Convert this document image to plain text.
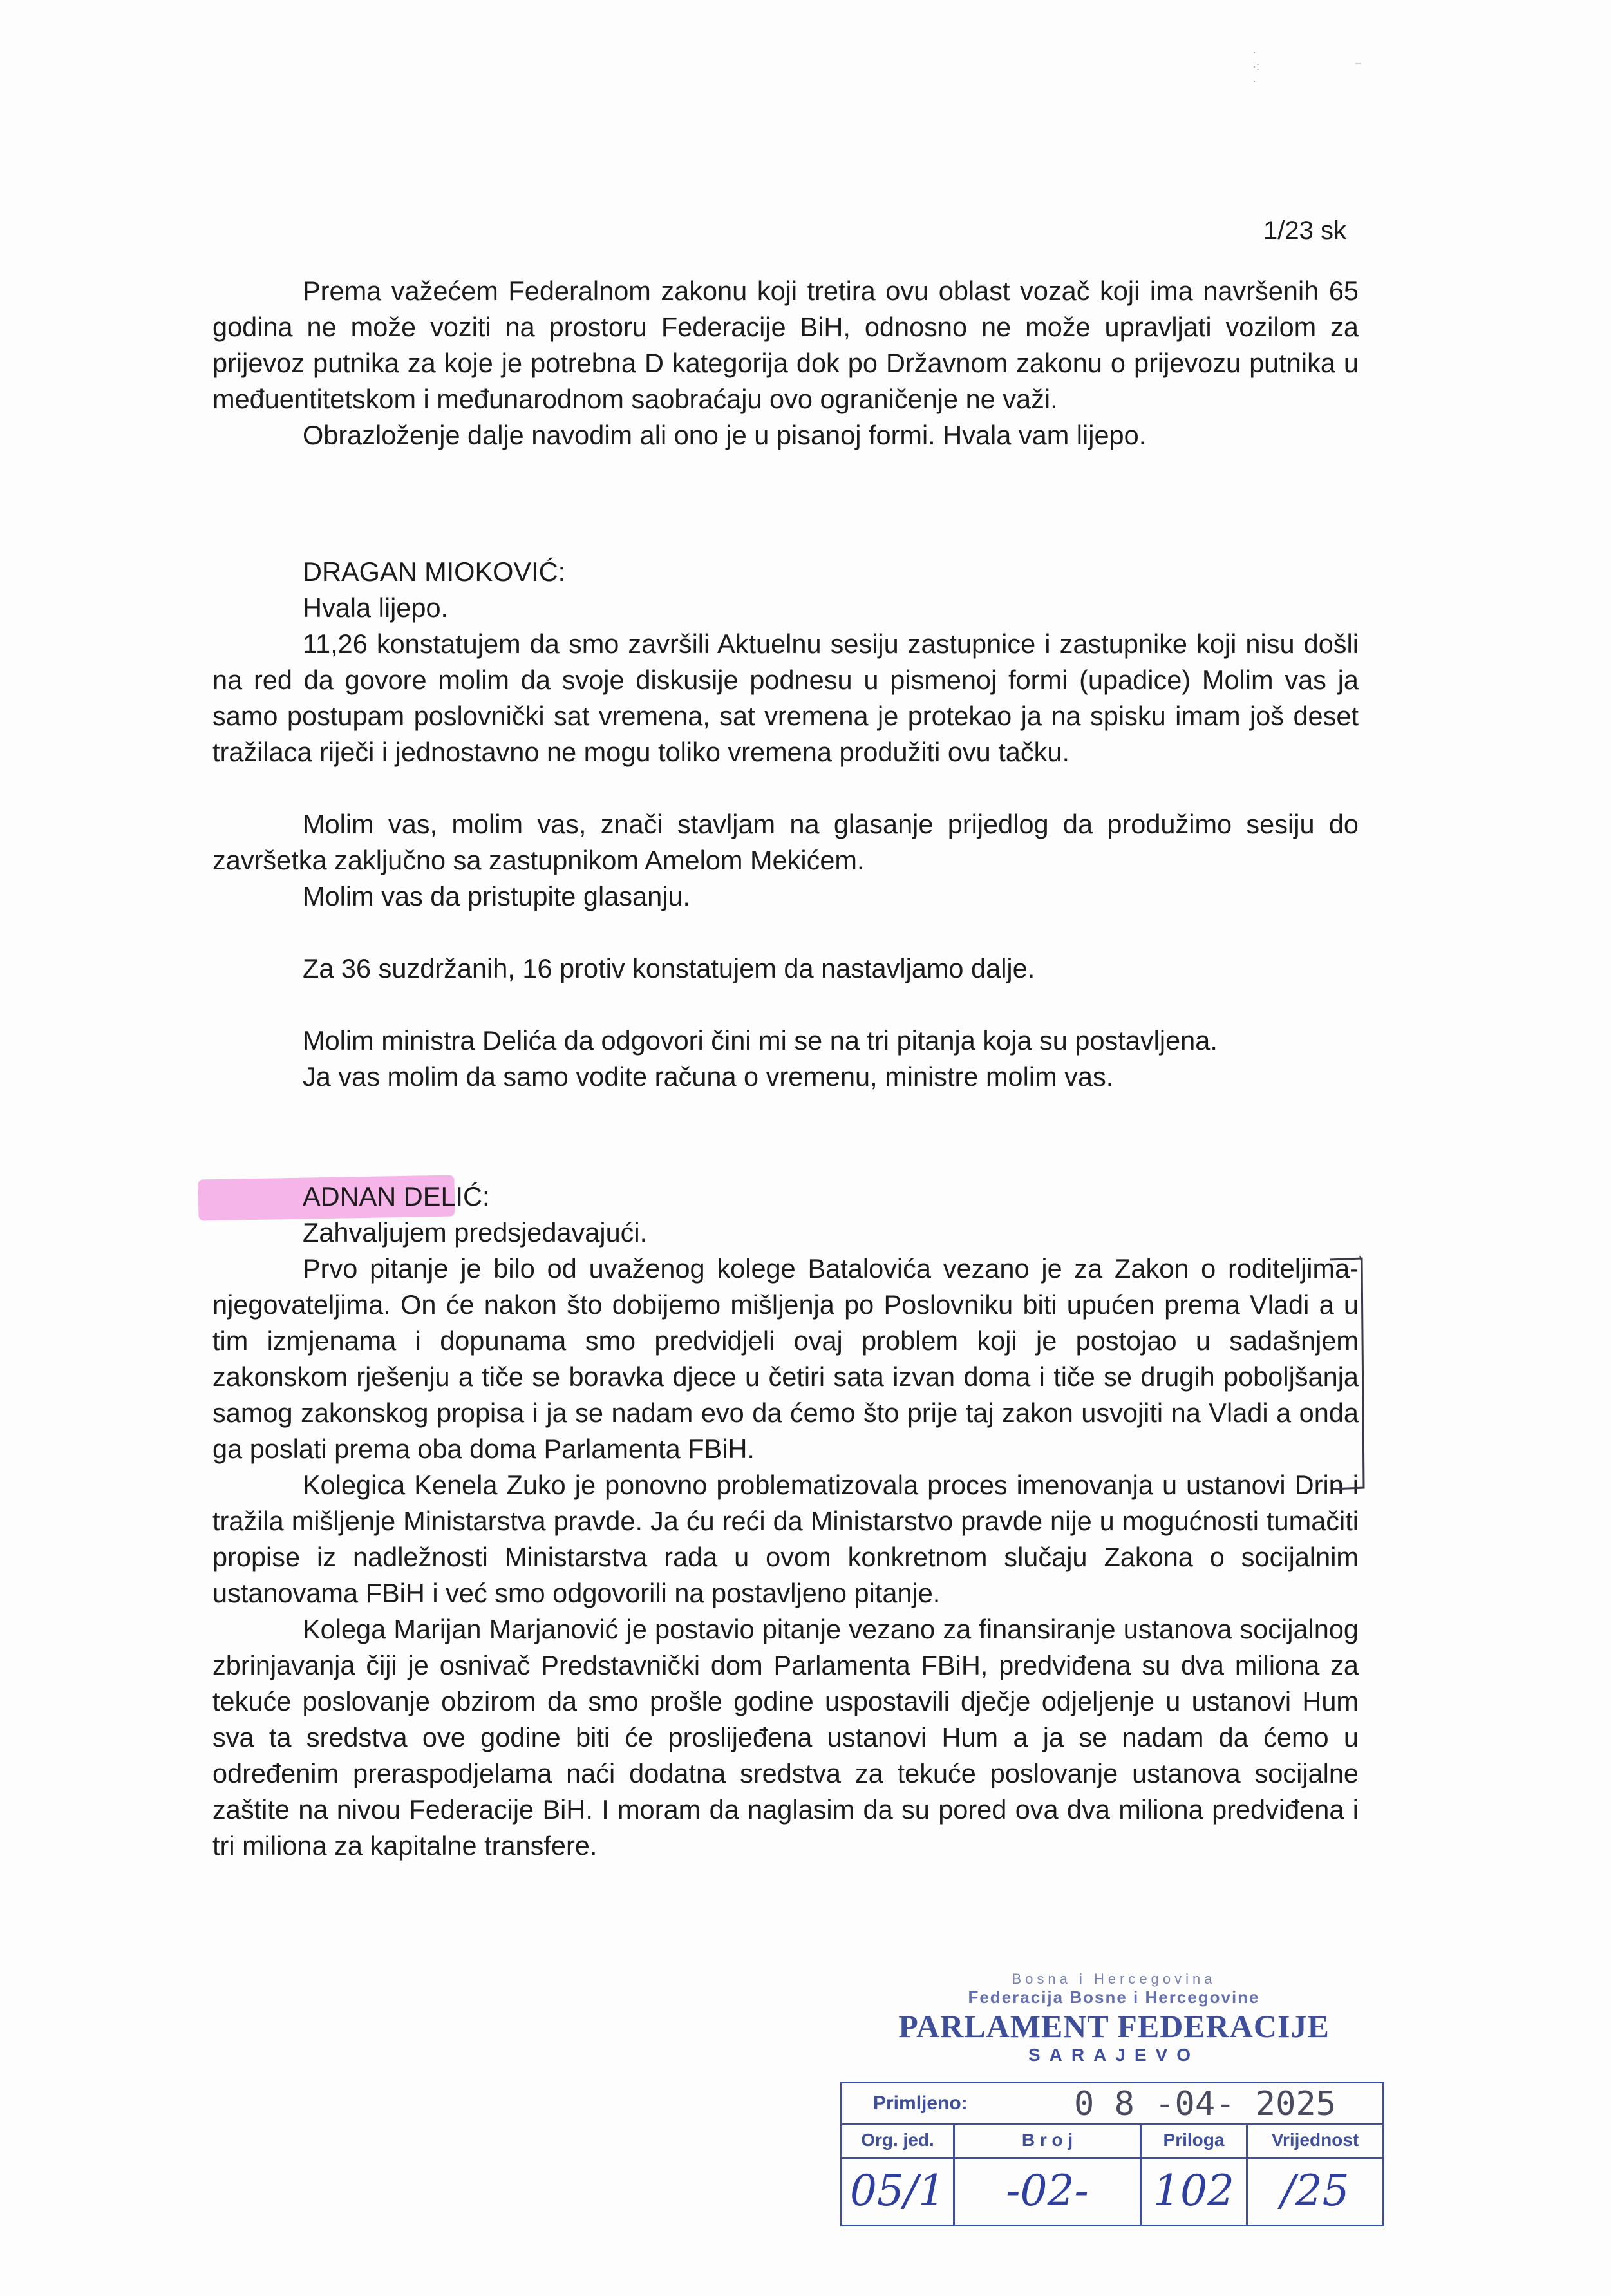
·
·:
·
–
1/23 sk

Prema važećem Federalnom zakonu koji tretira ovu oblast vozač koji ima navršenih 65 godina ne može voziti na prostoru Federacije BiH, odnosno ne može upravljati vozilom za prijevoz putnika za koje je potrebna D kategorija dok po Državnom zakonu o prijevozu putnika u međuentitetskom i međunarodnom saobraćaju ovo ograničenje ne važi.

Obrazloženje dalje navodim ali ono je u pisanoj formi. Hvala vam lijepo.

DRAGAN MIOKOVIĆ:

Hvala lijepo.

11,26 konstatujem da smo završili Aktuelnu sesiju zastupnice i zastupnike koji nisu došli na red da govore molim da svoje diskusije podnesu u pismenoj formi (upadice) Molim vas ja samo postupam poslovnički sat vremena, sat vremena je protekao ja na spisku imam još deset tražilaca riječi i jednostavno ne mogu toliko vremena produžiti ovu tačku.

Molim vas, molim vas, znači stavljam na glasanje prijedlog da produžimo sesiju do završetka zaključno sa zastupnikom Amelom Mekićem.

Molim vas da pristupite glasanju.

Za 36 suzdržanih, 16 protiv konstatujem da nastavljamo dalje.

Molim ministra Delića da odgovori čini mi se na tri pitanja koja su postavljena.

Ja vas molim da samo vodite računa o vremenu, ministre molim vas.

ADNAN DELIĆ:

Zahvaljujem predsjedavajući.

Prvo pitanje je bilo od uvaženog kolege Batalovića vezano je za Zakon o roditeljima-njegovateljima. On će nakon što dobijemo mišljenja po Poslovniku biti upućen prema Vladi a u tim izmjenama i dopunama smo predvidjeli ovaj problem koji je postojao u sadašnjem zakonskom rješenju a tiče se boravka djece u četiri sata izvan doma i tiče se drugih poboljšanja samog zakonskog propisa i ja se nadam evo da ćemo što prije taj zakon usvojiti na Vladi a onda ga poslati prema oba doma Parlamenta FBiH.

Kolegica Kenela Zuko je ponovno problematizovala proces imenovanja u ustanovi Drin i tražila mišljenje Ministarstva pravde. Ja ću reći da Ministarstvo pravde nije u mogućnosti tumačiti propise iz nadležnosti Ministarstva rada u ovom konkretnom slučaju Zakona o socijalnim ustanovama FBiH i već smo odgovorili na postavljeno pitanje.

Kolega Marijan Marjanović je postavio pitanje vezano za finansiranje ustanova socijalnog zbrinjavanja čiji je osnivač Predstavnički dom Parlamenta FBiH, predviđena su dva miliona za tekuće poslovanje obzirom da smo prošle godine uspostavili dječje odjeljenje u ustanovi Hum sva ta sredstva ove godine biti će proslijeđena ustanovi Hum a ja se nadam da ćemo u određenim preraspodjelama naći dodatna sredstva za tekuće poslovanje ustanova socijalne zaštite na nivou Federacije BiH. I moram da naglasim da su pored ova dva miliona predviđena i tri miliona za kapitalne transfere.

Bosna i Hercegovina
Federacija Bosne i Hercegovine
PARLAMENT FEDERACIJE
SARAJEVO
Primljeno:	0 8 -04- 2025
Org. jed.
05/1
B r o j
-02-
Priloga
102
Vrijednost
/25
